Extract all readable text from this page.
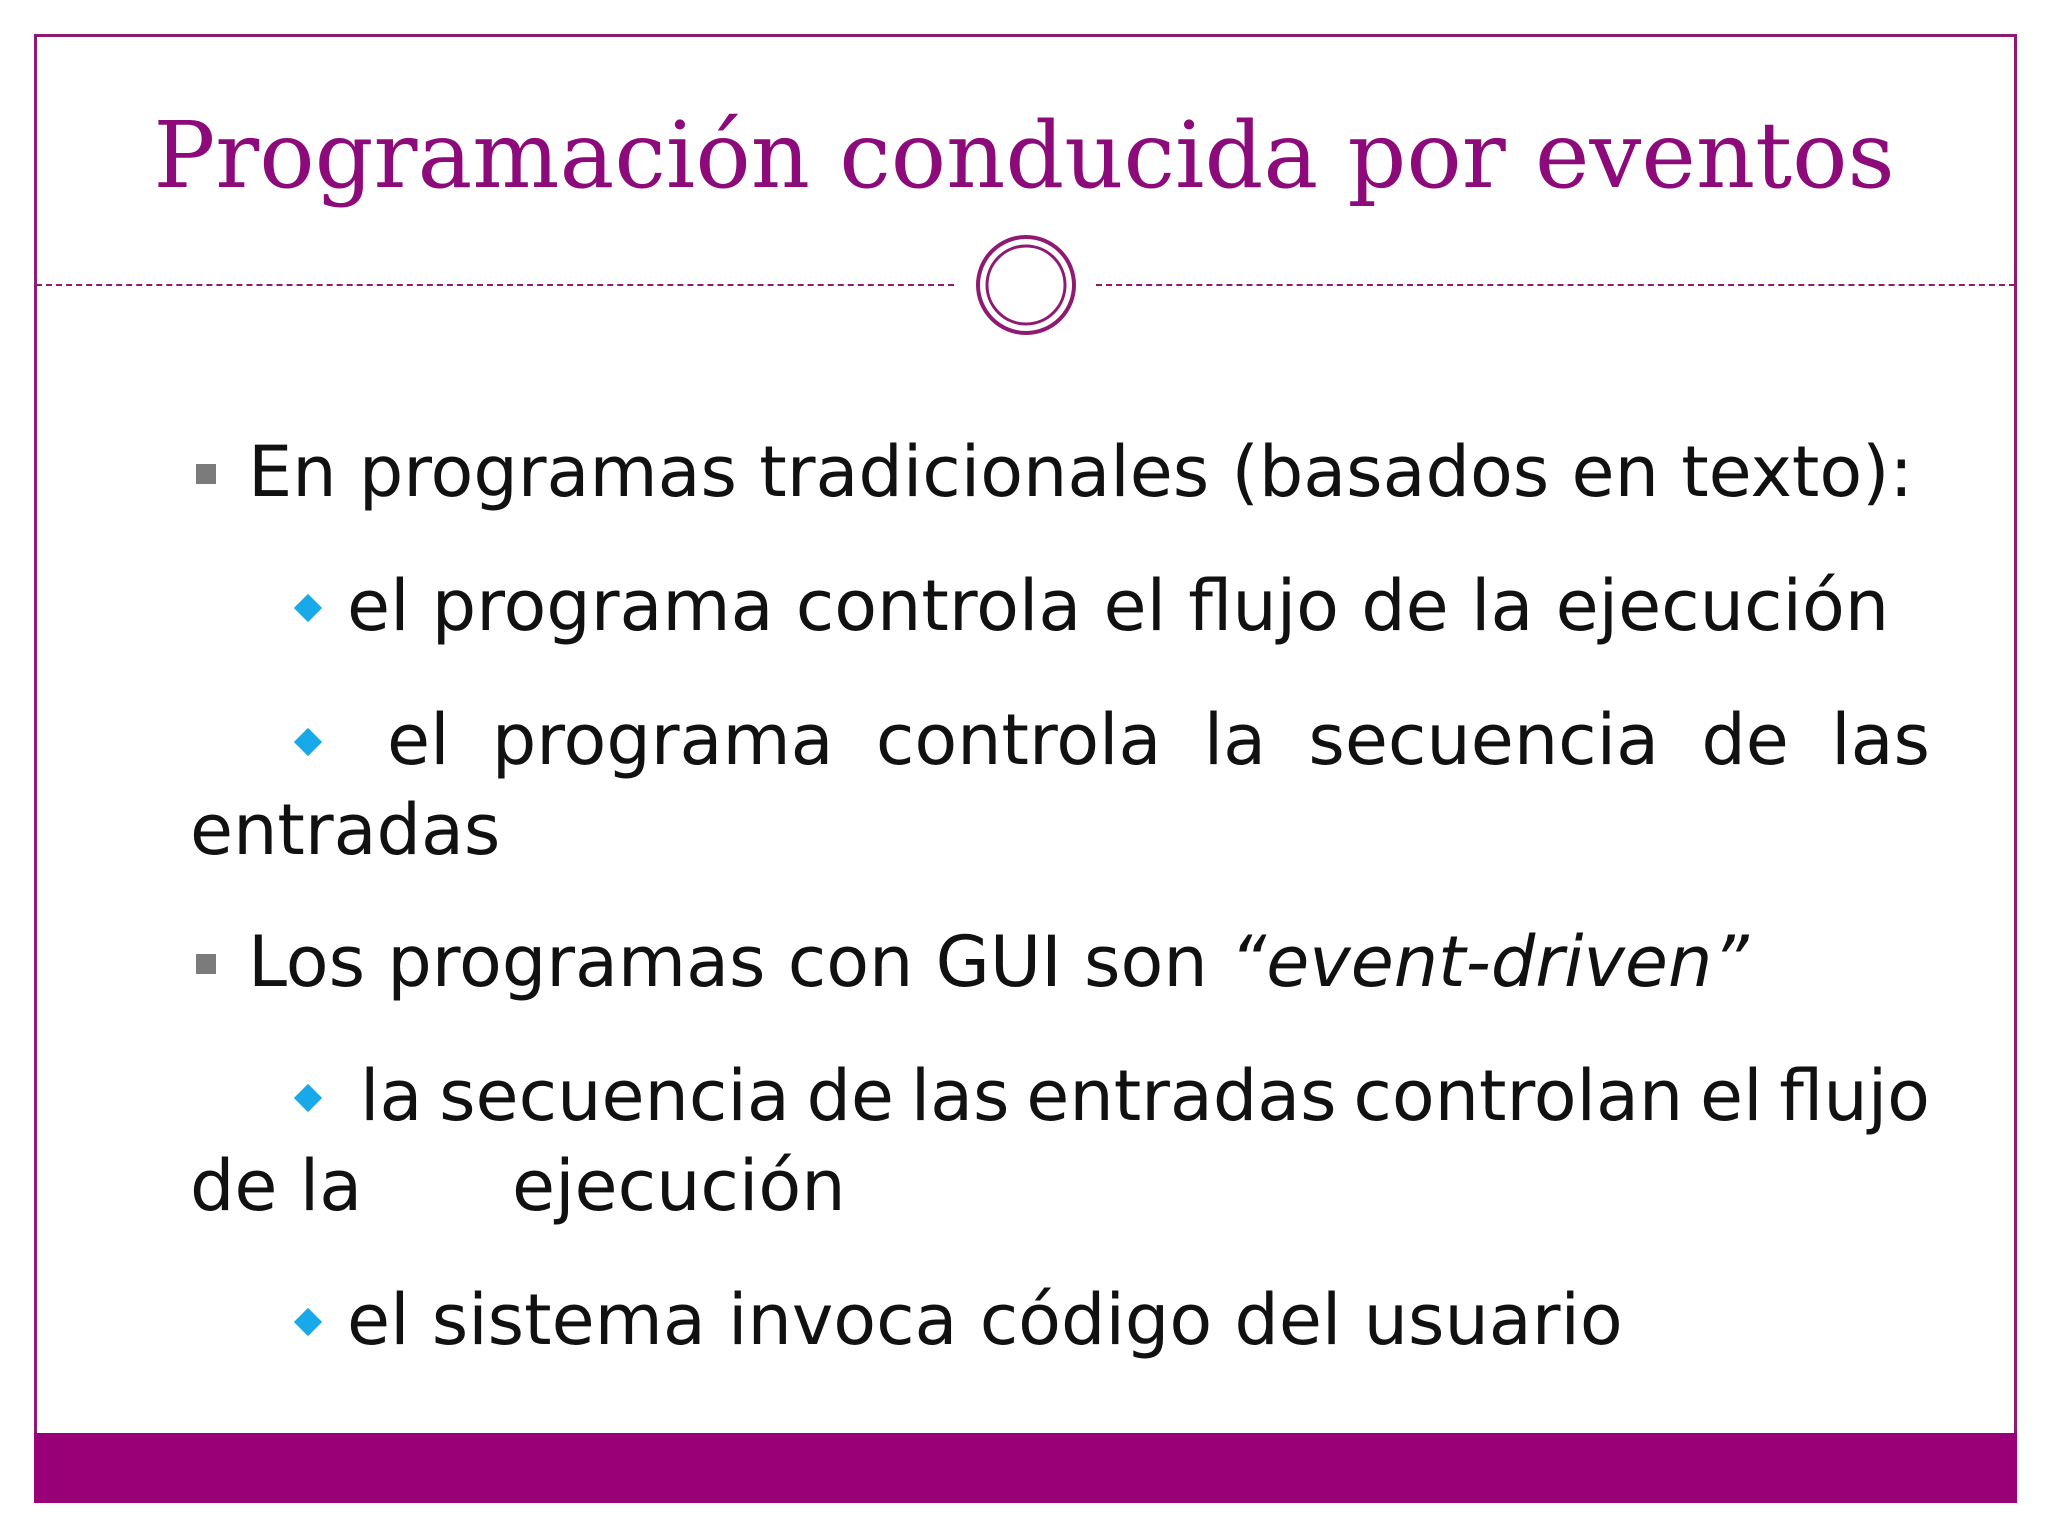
Programación conducida por eventos
En programas tradicionales (basados en texto):
el programa controla el flujo de la ejecución
el programa controla la secuencia de las
entradas
Los programas con GUI son “event-driven”
la secuencia de las entradas controlan el flujo
de la ejecución
el sistema invoca código del usuario
